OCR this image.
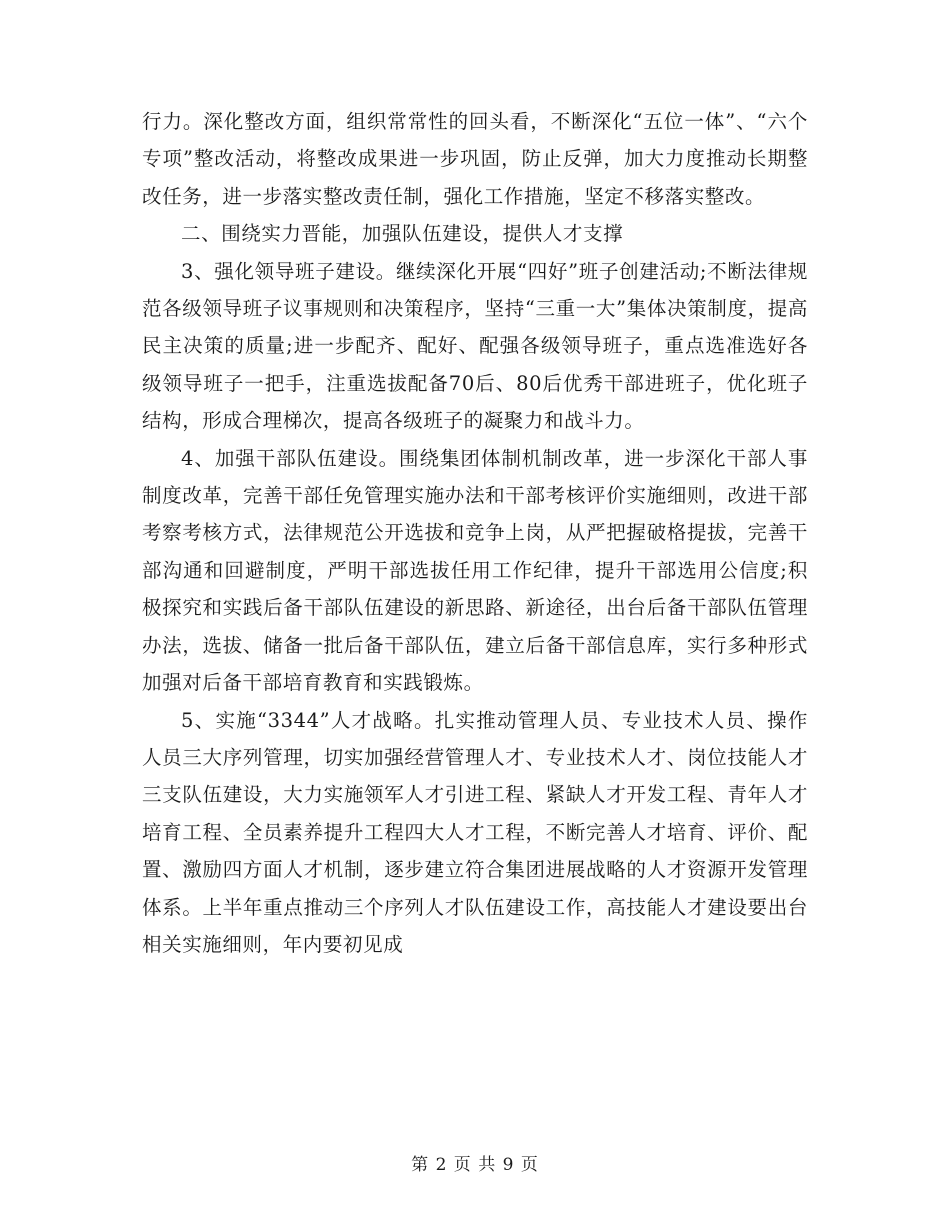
行力。深化整改方面，组织常常性的回头看，不断深化“五位一体”、“六个专项”整改活动，将整改成果进一步巩固，防止反弹，加大力度推动长期整改任务，进一步落实整改责任制，强化工作措施，坚定不移落实整改。

二、围绕实力晋能，加强队伍建设，提供人才支撑

3、强化领导班子建设。继续深化开展“四好”班子创建活动;不断法律规范各级领导班子议事规则和决策程序，坚持“三重一大”集体决策制度，提高民主决策的质量;进一步配齐、配好、配强各级领导班子，重点选准选好各级领导班子一把手，注重选拔配备70后、80后优秀干部进班子，优化班子结构，形成合理梯次，提高各级班子的凝聚力和战斗力。

4、加强干部队伍建设。围绕集团体制机制改革，进一步深化干部人事制度改革，完善干部任免管理实施办法和干部考核评价实施细则，改进干部考察考核方式，法律规范公开选拔和竞争上岗，从严把握破格提拔，完善干部沟通和回避制度，严明干部选拔任用工作纪律，提升干部选用公信度;积极探究和实践后备干部队伍建设的新思路、新途径，出台后备干部队伍管理办法，选拔、储备一批后备干部队伍，建立后备干部信息库，实行多种形式加强对后备干部培育教育和实践锻炼。

5、实施“3344”人才战略。扎实推动管理人员、专业技术人员、操作人员三大序列管理，切实加强经营管理人才、专业技术人才、岗位技能人才三支队伍建设，大力实施领军人才引进工程、紧缺人才开发工程、青年人才培育工程、全员素养提升工程四大人才工程，不断完善人才培育、评价、配置、激励四方面人才机制，逐步建立符合集团进展战略的人才资源开发管理体系。上半年重点推动三个序列人才队伍建设工作，高技能人才建设要出台相关实施细则，年内要初见成

第 2 页 共 9 页
